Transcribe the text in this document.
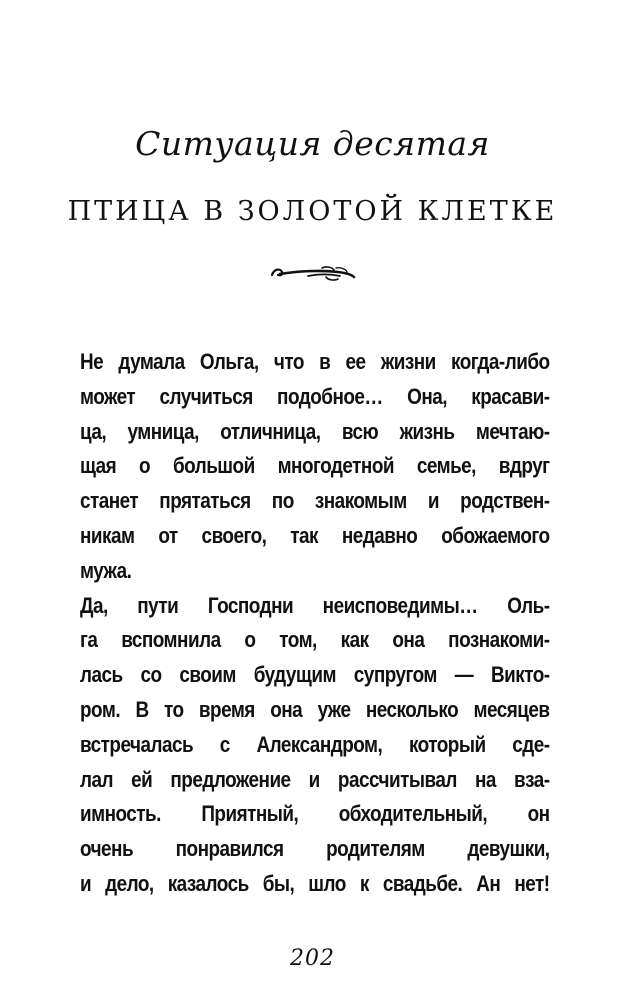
Ситуация десятая
ПТИЦА В ЗОЛОТОЙ КЛЕТКЕ
Не думала Ольга, что в ее жизни когда-либо
может случиться подобное… Она, красави-
ца, умница, отличница, всю жизнь мечтаю-
щая о большой многодетной семье, вдруг
станет прятаться по знакомым и родствен-
никам от своего, так недавно обожаемого
мужа.
Да, пути Господни неисповедимы… Оль-
га вспомнила о том, как она познакоми-
лась со своим будущим супругом — Викто-
ром. В то время она уже несколько месяцев
встречалась с Александром, который сде-
лал ей предложение и рассчитывал на вза-
имность. Приятный, обходительный, он
очень понравился родителям девушки,
и дело, казалось бы, шло к свадьбе. Ан нет!
202
